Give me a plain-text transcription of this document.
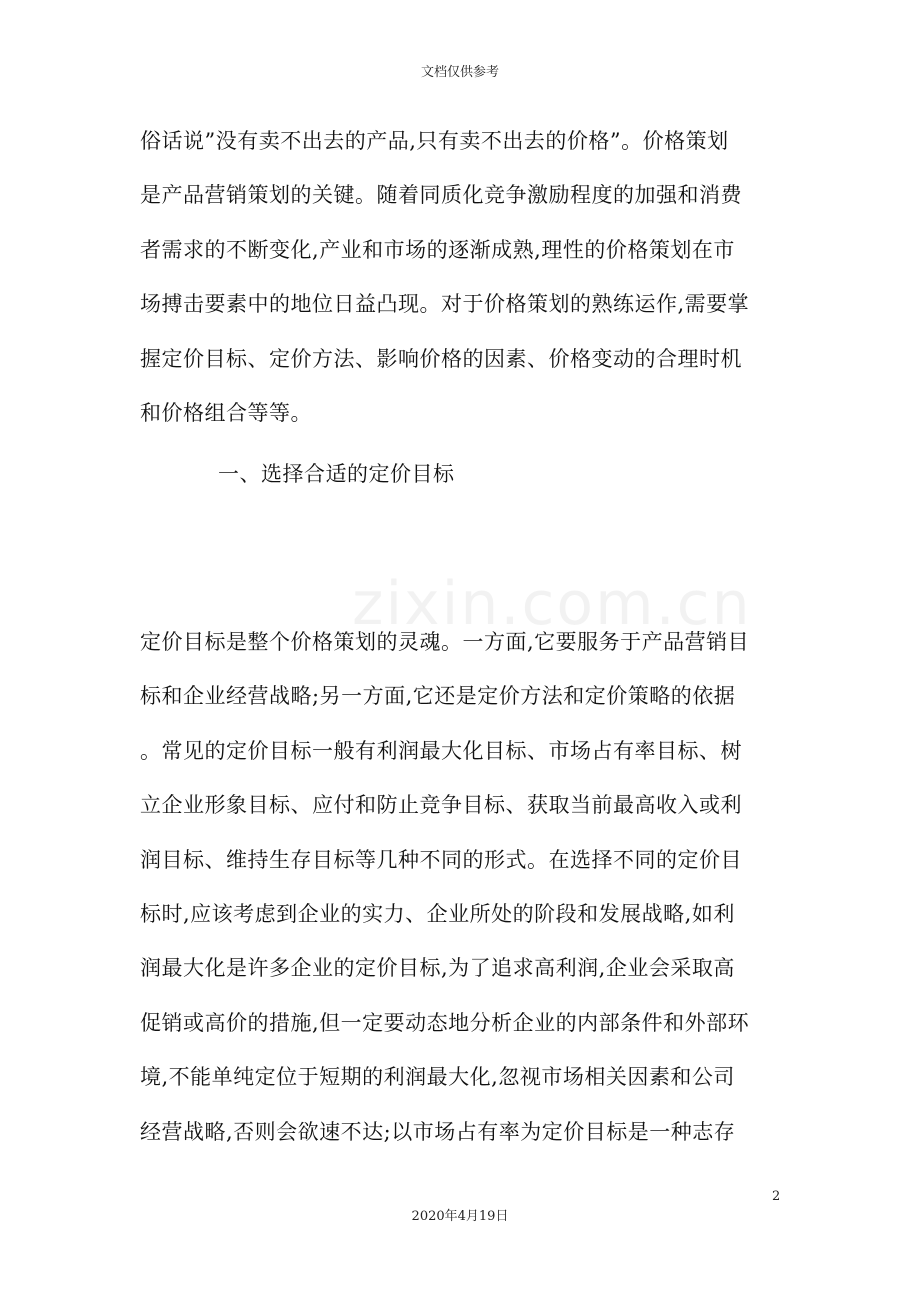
文档仅供参考
zixin.com.cn
俗话说”没有卖不出去的产品,只有卖不出去的价格”。价格策划
是产品营销策划的关键。随着同质化竞争激励程度的加强和消费
者需求的不断变化,产业和市场的逐渐成熟,理性的价格策划在市
场搏击要素中的地位日益凸现。对于价格策划的熟练运作,需要掌
握定价目标、定价方法、影响价格的因素、价格变动的合理时机
和价格组合等等。
一、选择合适的定价目标
定价目标是整个价格策划的灵魂。一方面,它要服务于产品营销目
标和企业经营战略;另一方面,它还是定价方法和定价策略的依据
。常见的定价目标一般有利润最大化目标、市场占有率目标、树
立企业形象目标、应付和防止竞争目标、获取当前最高收入或利
润目标、维持生存目标等几种不同的形式。在选择不同的定价目
标时,应该考虑到企业的实力、企业所处的阶段和发展战略,如利
润最大化是许多企业的定价目标,为了追求高利润,企业会采取高
促销或高价的措施,但一定要动态地分析企业的内部条件和外部环
境,不能单纯定位于短期的利润最大化,忽视市场相关因素和公司
经营战略,否则会欲速不达;以市场占有率为定价目标是一种志存
2
2020年4月19日
